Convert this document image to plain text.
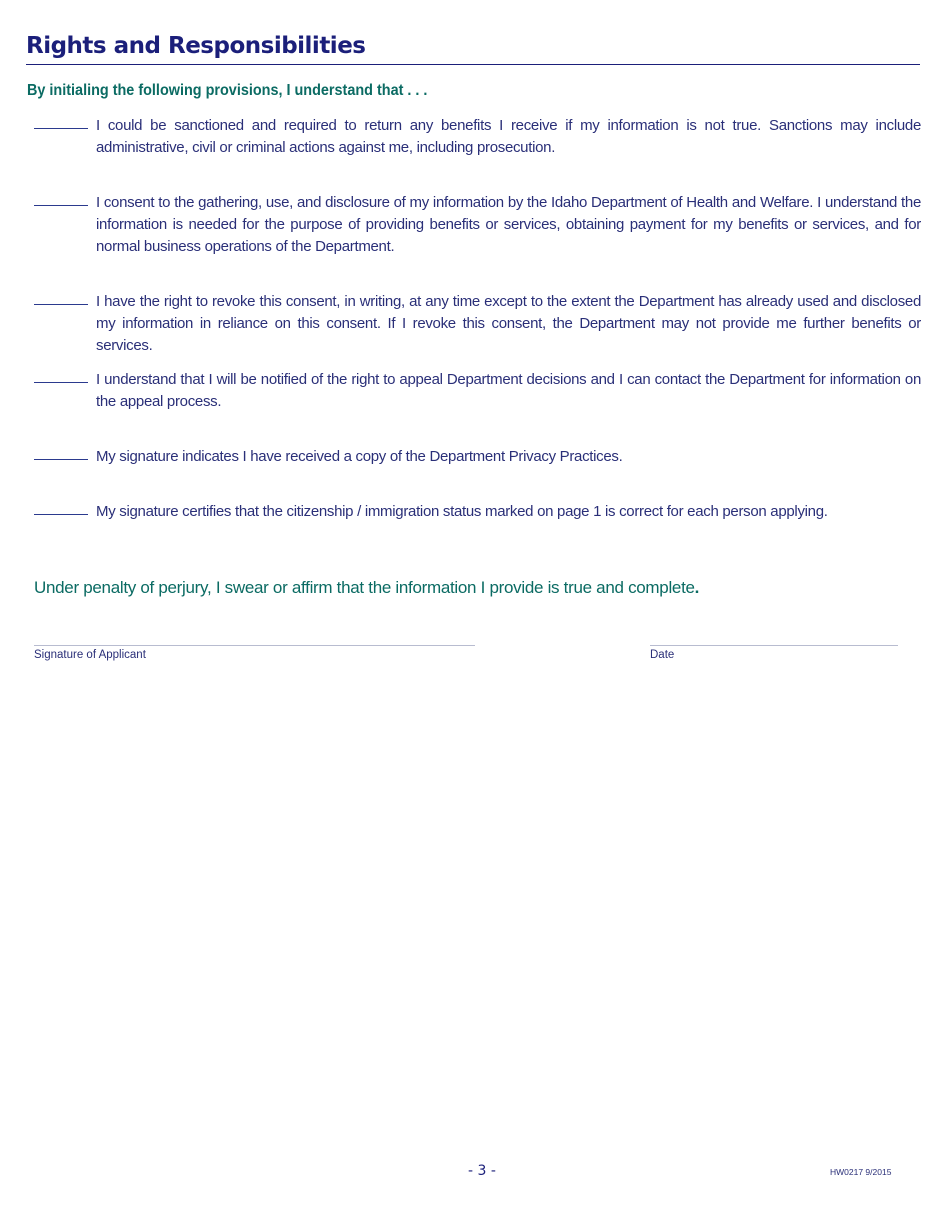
Rights and Responsibilities

By initialing the following provisions, I understand that . . .

I could be sanctioned and required to return any benefits I receive if my information is not true. Sanctions may include administrative, civil or criminal actions against me, including prosecution.
I consent to the gathering, use, and disclosure of my information by the Idaho Department of Health and Welfare. I understand the information is needed for the purpose of providing benefits or services, obtaining payment for my benefits or services, and for normal business operations of the Department.
I have the right to revoke this consent, in writing, at any time except to the extent the Department has already used and disclosed my information in reliance on this consent. If I revoke this consent, the Department may not provide me further benefits or services.
I understand that I will be notified of the right to appeal Department decisions and I can contact the Department for information on the appeal process.
My signature indicates I have received a copy of the Department Privacy Practices.
My signature certifies that the citizenship / immigration status marked on page 1 is correct for each person applying.

Under penalty of perjury, I swear or affirm that the information I provide is true and complete.

Signature of Applicant	Date
- 3 -	HW0217 9/2015
